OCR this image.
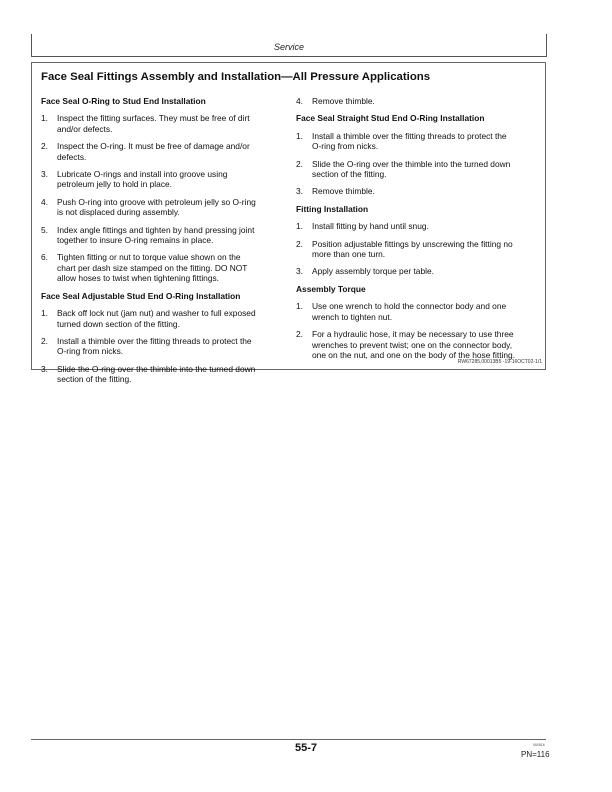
Service
Face Seal Fittings Assembly and Installation—All Pressure Applications
Face Seal O-Ring to Stud End Installation
1. Inspect the fitting surfaces. They must be free of dirt
and/or defects.
2. Inspect the O-ring. It must be free of damage and/or
defects.
3. Lubricate O-rings and install into groove using
petroleum jelly to hold in place.
4. Push O-ring into groove with petroleum jelly so O-ring
is not displaced during assembly.
5. Index angle fittings and tighten by hand pressing joint
together to insure O-ring remains in place.
6. Tighten fitting or nut to torque value shown on the
chart per dash size stamped on the fitting. DO NOT
allow hoses to twist when tightening fittings.
Face Seal Adjustable Stud End O-Ring Installation
1. Back off lock nut (jam nut) and washer to full exposed
turned down section of the fitting.
2. Install a thimble over the fitting threads to protect the
O-ring from nicks.
3. Slide the O-ring over the thimble into the turned down
section of the fitting.
4. Remove thimble.
Face Seal Straight Stud End O-Ring Installation
1. Install a thimble over the fitting threads to protect the
O-ring from nicks.
2. Slide the O-ring over the thimble into the turned down
section of the fitting.
3. Remove thimble.
Fitting Installation
1. Install fitting by hand until snug.
2. Position adjustable fittings by unscrewing the fitting no
more than one turn.
3. Apply assembly torque per table.
Assembly Torque
1. Use one wrench to hold the connector body and one
wrench to tighten nut.
2. For a hydraulic hose, it may be necessary to use three
wrenches to prevent twist; one on the connector body,
one on the nut, and one on the body of the hose fitting.
RW67285,00013B5 -19-16OCT02-1/1
55-7	060816
PN=116
